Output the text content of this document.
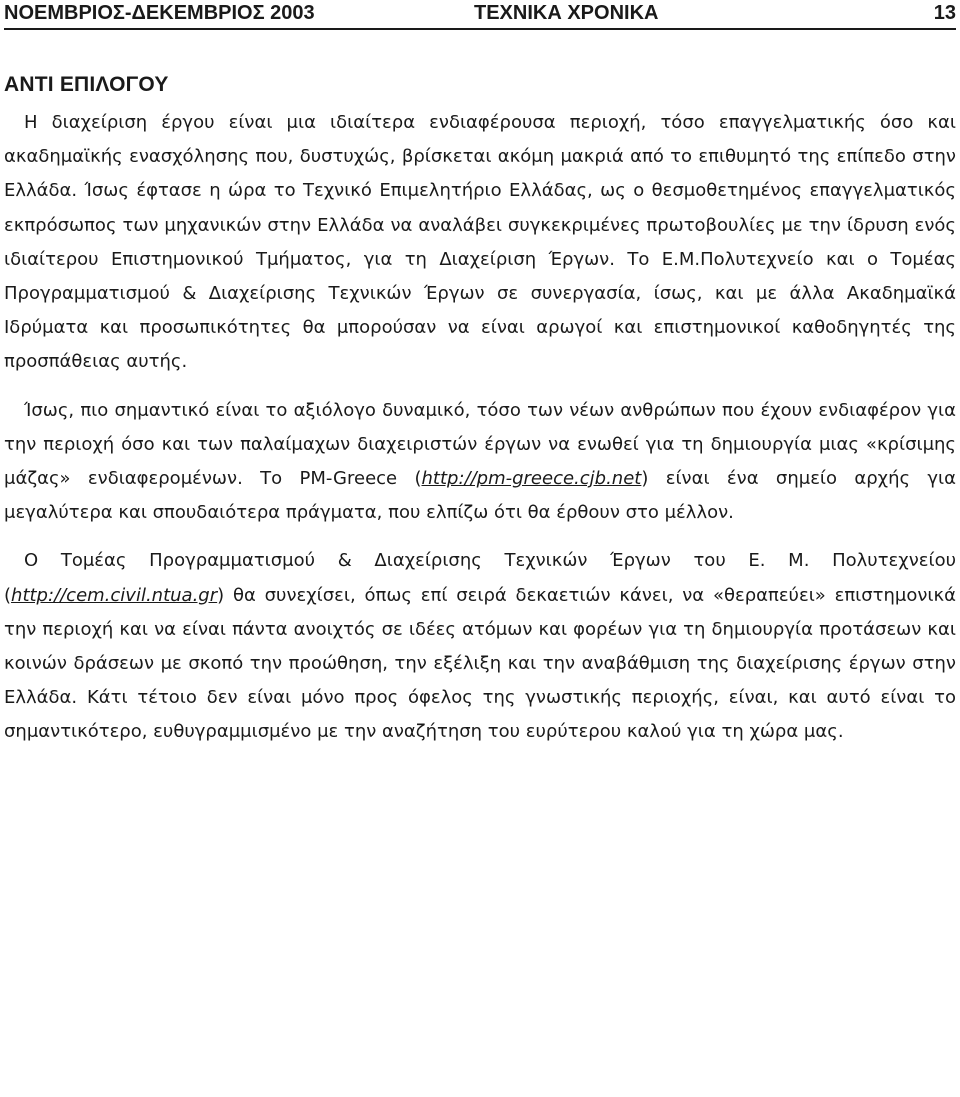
ΝΟΕΜΒΡΙΟΣ-ΔΕΚΕΜΒΡΙΟΣ 2003	ΤΕΧΝΙΚΑ ΧΡΟΝΙΚΑ	13
ΑΝΤΙ ΕΠΙΛΟΓΟΥ

Η διαχείριση έργου είναι μια ιδιαίτερα ενδιαφέρουσα περιοχή, τόσο επαγγελματικής όσο και ακαδημαϊκής ενασχόλησης που, δυστυχώς, βρίσκεται ακόμη μακριά από το επιθυμητό της επίπεδο στην Ελλάδα. Ίσως έφτασε η ώρα το Τεχνικό Επιμελητήριο Ελλάδας, ως ο θεσμοθετημένος επαγγελματικός εκπρόσωπος των μηχανικών στην Ελλάδα να αναλάβει συγκεκριμένες πρωτοβουλίες με την ίδρυση ενός ιδιαίτερου Επιστημονικού Τμήματος, για τη Διαχείριση Έργων. Το Ε.Μ.Πολυτεχνείο και ο Τομέας Προγραμματισμού & Διαχείρισης Τεχνικών Έργων σε συνεργασία, ίσως, και με άλλα Ακαδημαϊκά Ιδρύματα και προσωπικότητες θα μπορούσαν να είναι αρωγοί και επιστημονικοί καθοδηγητές της προσπάθειας αυτής.

Ίσως, πιο σημαντικό είναι το αξιόλογο δυναμικό, τόσο των νέων ανθρώπων που έχουν ενδιαφέρον για την περιοχή όσο και των παλαίμαχων διαχειριστών έργων να ενωθεί για τη δημιουργία μιας «κρίσιμης μάζας» ενδιαφερομένων. Το PM-Greece (http://pm-greece.cjb.net) είναι ένα σημείο αρχής για μεγαλύτερα και σπουδαιότερα πράγματα, που ελπίζω ότι θα έρθουν στο μέλλον.

Ο Τομέας Προγραμματισμού & Διαχείρισης Τεχνικών Έργων του Ε. Μ. Πολυτεχνείου (http://cem.civil.ntua.gr) θα συνεχίσει, όπως επί σειρά δεκαετιών κάνει, να «θεραπεύει» επιστημονικά την περιοχή και να είναι πάντα ανοιχτός σε ιδέες ατόμων και φορέων για τη δημιουργία προτάσεων και κοινών δράσεων με σκοπό την προώθηση, την εξέλιξη και την αναβάθμιση της διαχείρισης έργων στην Ελλάδα. Κάτι τέτοιο δεν είναι μόνο προς όφελος της γνωστικής περιοχής, είναι, και αυτό είναι το σημαντικότερο, ευθυγραμμισμένο με την αναζήτηση του ευρύτερου καλού για τη χώρα μας.
